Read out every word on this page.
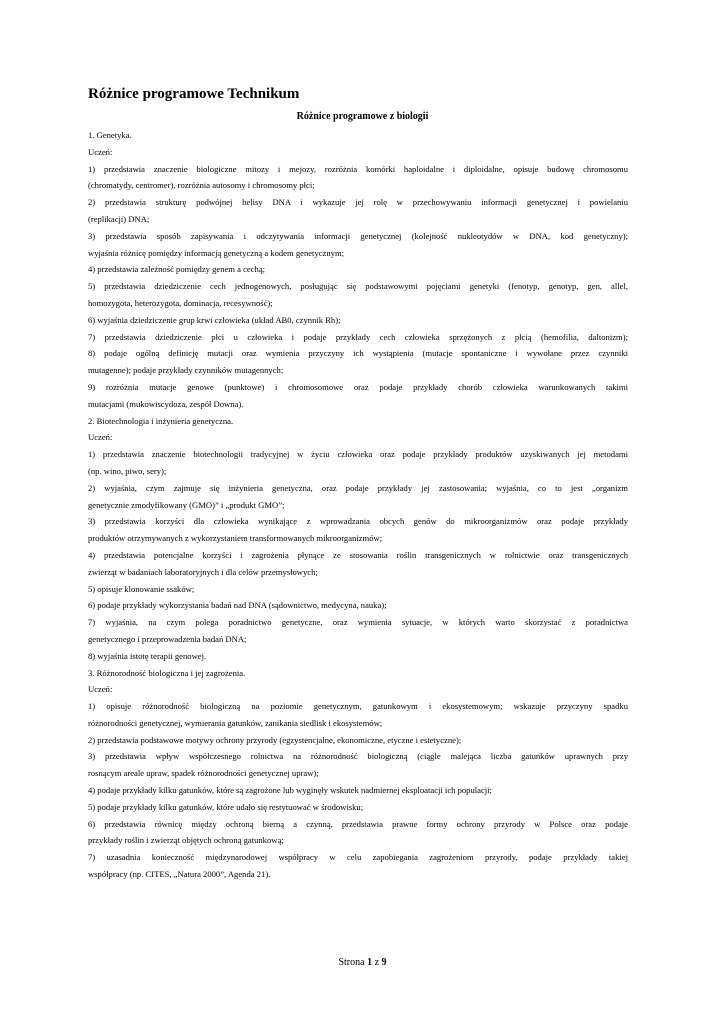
Różnice programowe Technikum
Różnice programowe z biologii
1. Genetyka.
Uczeń:
1) przedstawia znaczenie biologiczne mitozy i mejozy, rozróżnia komórki haploidalne i diploidalne, opisuje budowę chromosomu
(chromatydy, centromer), rozróżnia autosomy i chromosomy płci;
2) przedstawia strukturę podwójnej helisy DNA i wykazuje jej rolę w przechowywaniu informacji genetycznej i powielaniu
(replikacji) DNA;
3) przedstawia sposób zapisywania i odczytywania informacji genetycznej (kolejność nukleotydów w DNA, kod genetyczny);
wyjaśnia różnicę pomiędzy informacją genetyczną a kodem genetycznym;
4) przedstawia zależność pomiędzy genem a cechą;
5) przedstawia dziedziczenie cech jednogenowych, posługując się podstawowymi pojęciami genetyki (fenotyp, genotyp, gen, allel,
homozygota, heterozygota, dominacja, recesywność);
6) wyjaśnia dziedziczenie grup krwi człowieka (układ AB0, czynnik Rh);
7) przedstawia dziedziczenie płci u człowieka i podaje przykłady cech człowieka sprzężonych z płcią (hemofilia, daltonizm);
8) podaje ogólną definicję mutacji oraz wymienia przyczyny ich wystąpienia (mutacje spontaniczne i wywołane przez czynniki
mutagenne); podaje przykłady czynników mutagennych;
9) rozróżnia mutacje genowe (punktowe) i chromosomowe oraz podaje przykłady chorób człowieka warunkowanych takimi
mutacjami (mukowiscydoza, zespół Downa).
2. Biotechnologia i inżynieria genetyczna.
Uczeń:
1) przedstawia znaczenie biotechnologii tradycyjnej w życiu człowieka oraz podaje przykłady produktów uzyskiwanych jej metodami
(np. wino, piwo, sery);
2) wyjaśnia, czym zajmuje się inżynieria genetyczna, oraz podaje przykłady jej zastosowania; wyjaśnia, co to jest „organizm
genetycznie zmodyfikowany (GMO)” i „produkt GMO”;
3) przedstawia korzyści dla człowieka wynikające z wprowadzania obcych genów do mikroorganizmów oraz podaje przykłady
produktów otrzymywanych z wykorzystaniem transformowanych mikroorganizmów;
4) przedstawia potencjalne korzyści i zagrożenia płynące ze stosowania roślin transgenicznych w rolnictwie oraz transgenicznych
zwierząt w badaniach laboratoryjnych i dla celów przemysłowych;
5) opisuje klonowanie ssaków;
6) podaje przykłady wykorzystania badań nad DNA (sądownictwo, medycyna, nauka);
7) wyjaśnia, na czym polega poradnictwo genetyczne, oraz wymienia sytuacje, w których warto skorzystać z poradnictwa
genetycznego i przeprowadzenia badań DNA;
8) wyjaśnia istotę terapii genowej.
3. Różnorodność biologiczna i jej zagrożenia.
Uczeń:
1) opisuje różnorodność biologiczną na poziomie genetycznym, gatunkowym i ekosystemowym; wskazuje przyczyny spadku
różnorodności genetycznej, wymierania gatunków, zanikania siedlisk i ekosystemów;
2) przedstawia podstawowe motywy ochrony przyrody (egzystencjalne, ekonomiczne, etyczne i estetyczne);
3) przedstawia wpływ współczesnego rolnictwa na różnorodność biologiczną (ciągle malejąca liczba gatunków uprawnych przy
rosnącym areale upraw, spadek różnorodności genetycznej upraw);
4) podaje przykłady kilku gatunków, które są zagrożone lub wyginęły wskutek nadmiernej eksploatacji ich populacji;
5) podaje przykłady kilku gatunków, które udało się restytuować w środowisku;
6) przedstawia równicę między ochroną bierną a czynną, przedstawia prawne formy ochrony przyrody w Polsce oraz podaje
przykłady roślin i zwierząt objętych ochroną gatunkową;
7) uzasadnia konieczność międzynarodowej współpracy w celu zapobiegania zagrożeniom przyrody, podaje przykłady takiej
współpracy (np. CITES, „Natura 2000”, Agenda 21).
Strona 1 z 9
